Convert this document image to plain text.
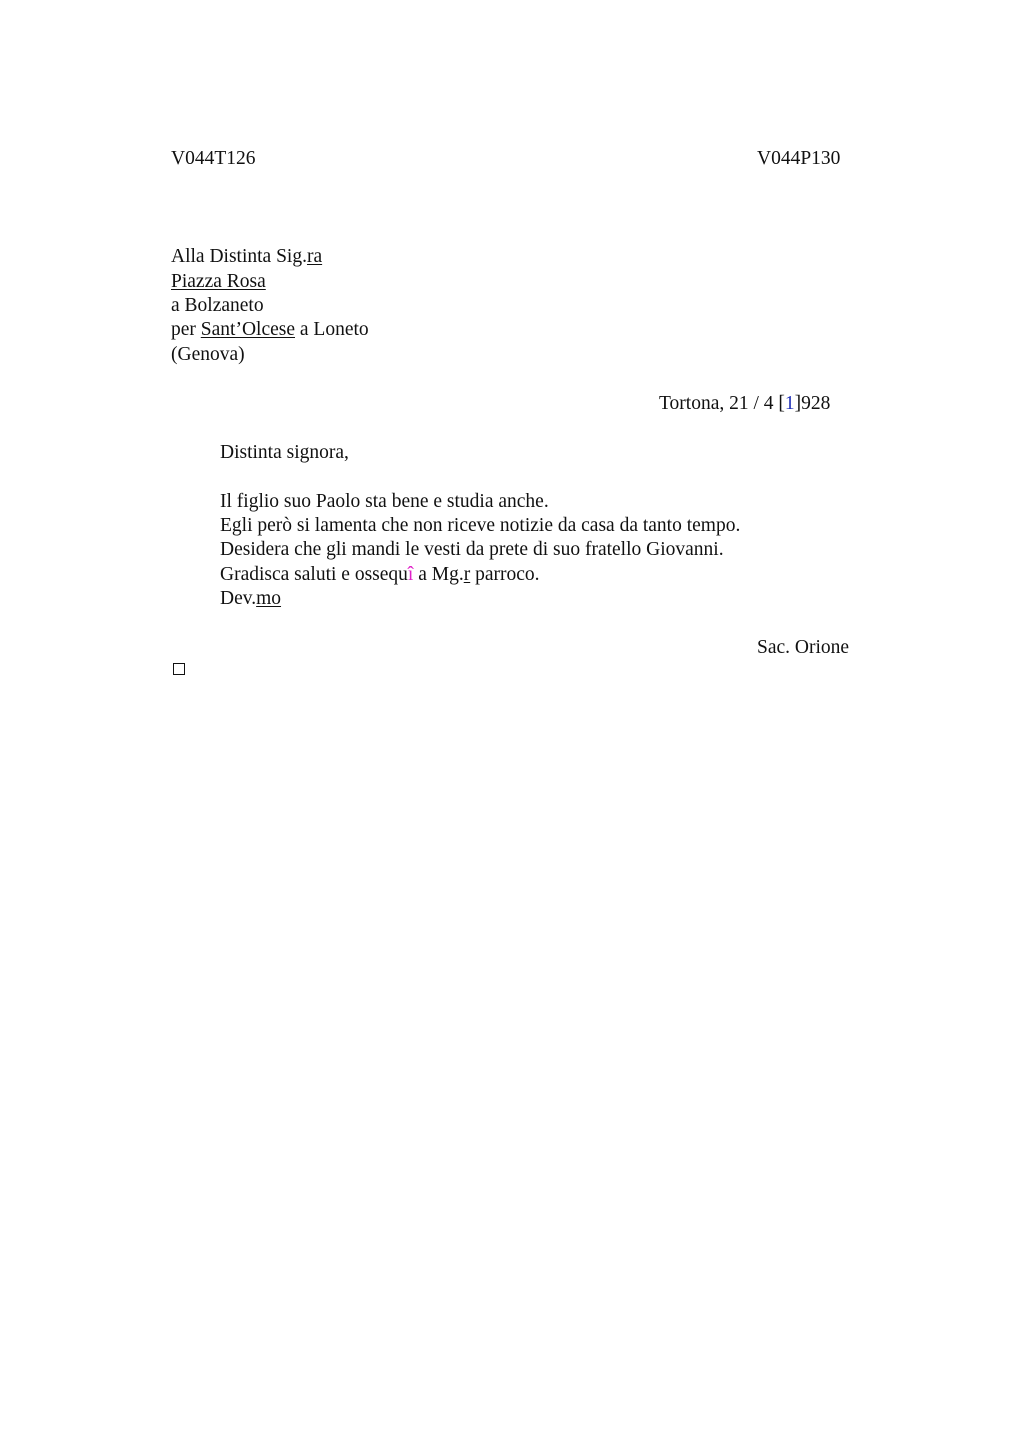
V044T126	V044P130
Alla Distinta Sig.ra
Piazza Rosa
a Bolzaneto
per Sant’Olcese a Loneto
(Genova)
Tortona, 21 / 4 [1]928
Distinta signora,
Il figlio suo Paolo sta bene e studia anche.
Egli però si lamenta che non riceve notizie da casa da tanto tempo.
Desidera che gli mandi le vesti da prete di suo fratello Giovanni.
Gradisca saluti e ossequî a Mg.r parroco.
Dev.mo
Sac. Orione
